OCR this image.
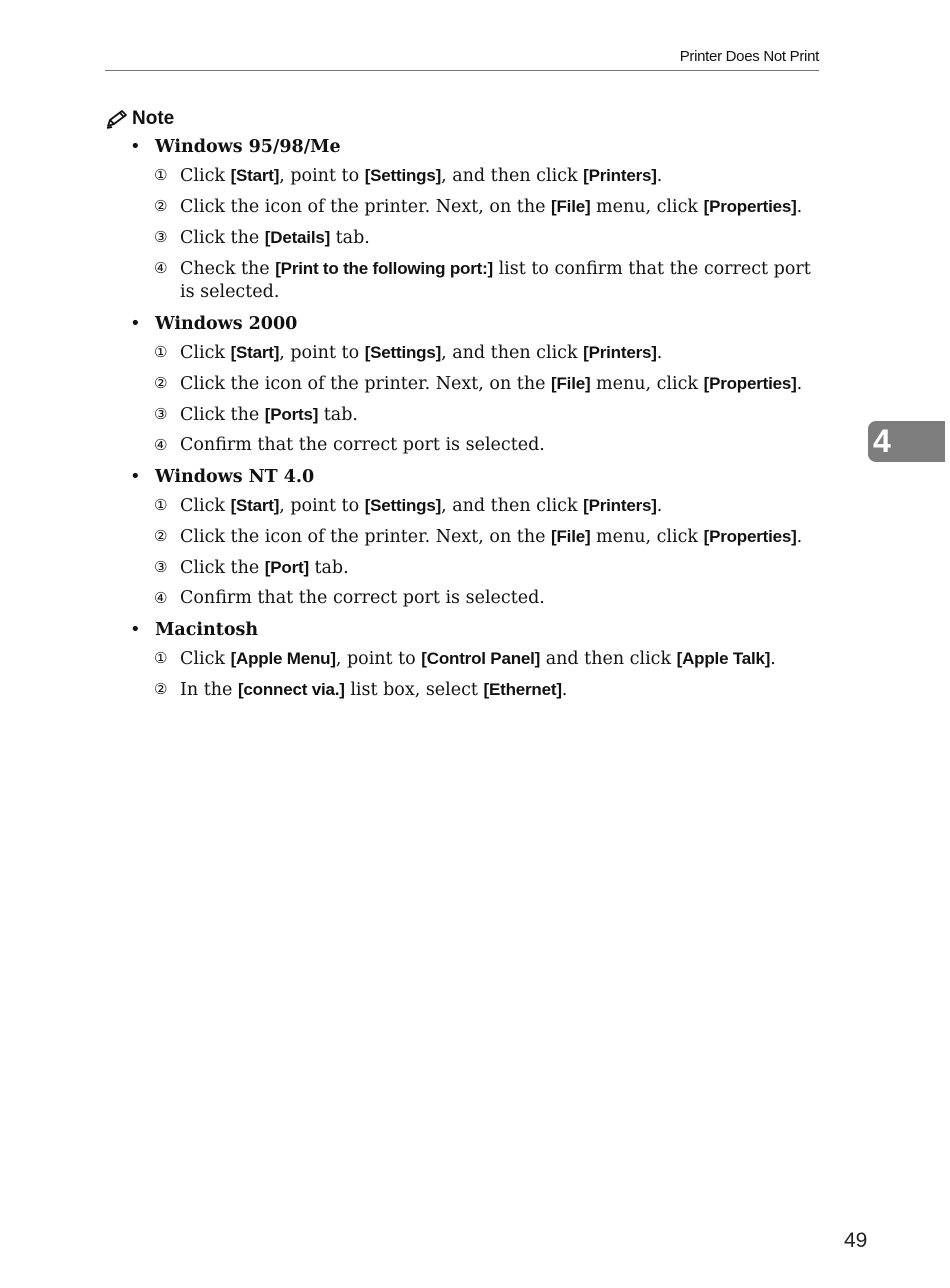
Printer Does Not Print
Note
• Windows 95/98/Me
① Click [Start], point to [Settings], and then click [Printers].
② Click the icon of the printer. Next, on the [File] menu, click [Properties].
③ Click the [Details] tab.
④ Check the [Print to the following port:] list to confirm that the correct port is selected.
• Windows 2000
① Click [Start], point to [Settings], and then click [Printers].
② Click the icon of the printer. Next, on the [File] menu, click [Properties].
③ Click the [Ports] tab.
④ Confirm that the correct port is selected.
• Windows NT 4.0
① Click [Start], point to [Settings], and then click [Printers].
② Click the icon of the printer. Next, on the [File] menu, click [Properties].
③ Click the [Port] tab.
④ Confirm that the correct port is selected.
• Macintosh
① Click [Apple Menu], point to [Control Panel] and then click [Apple Talk].
② In the [connect via.] list box, select [Ethernet].
4
49
